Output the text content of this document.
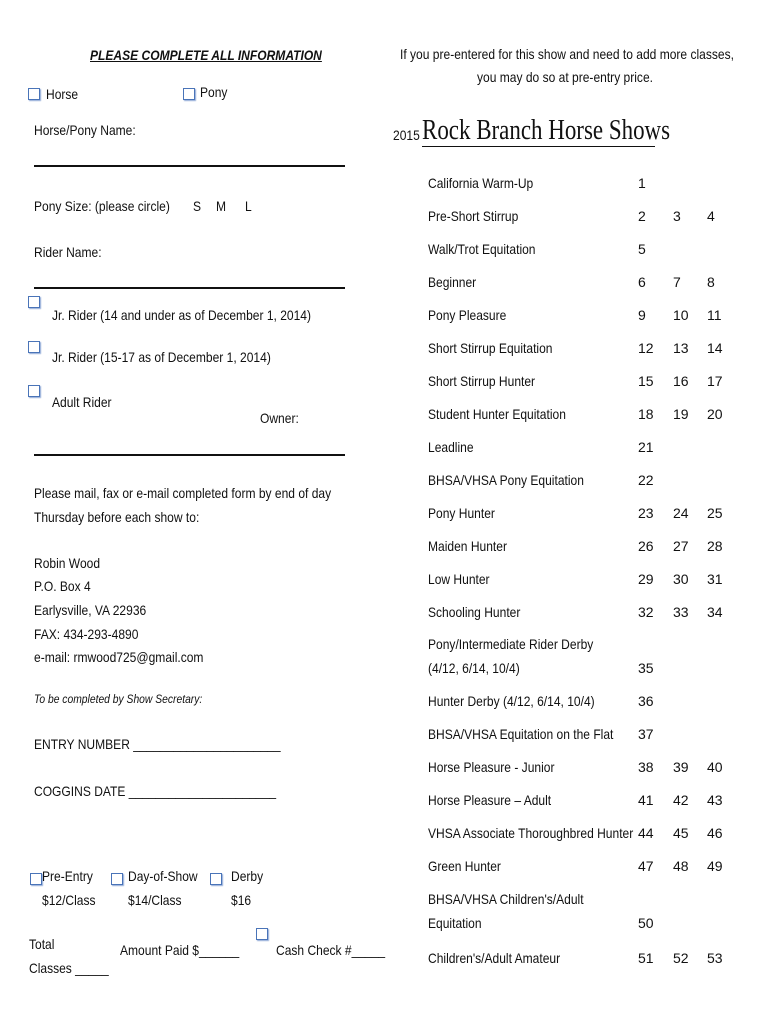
PLEASE COMPLETE ALL INFORMATION
Horse	Pony
Horse/Pony Name:
Pony Size: (please circle) S M L
Rider Name:
Jr. Rider (14 and under as of December 1, 2014)
Jr. Rider (15-17 as of December 1, 2014)
Adult Rider
Owner:
Please mail, fax or e-mail completed form by end of day
Thursday before each show to:
Robin Wood
P.O. Box 4
Earlysville, VA 22936
FAX: 434-293-4890
e-mail: rmwood725@gmail.com
To be completed by Show Secretary:
ENTRY NUMBER ______________________
COGGINS DATE ______________________
Pre-Entry
$12/Class
Day-of-Show
$14/Class
Derby
$16
Total
Classes _____
Amount Paid $______	Cash Check #_____
If you pre-entered for this show and need to add more classes,
you may do so at pre-entry price.
2015 Rock Branch Horse Shows
California Warm-Up	1
Pre-Short Stirrup	2	3	4
Walk/Trot Equitation	5
Beginner	6	7	8
Pony Pleasure	9	10	11
Short Stirrup Equitation	12	13	14
Short Stirrup Hunter	15	16	17
Student Hunter Equitation	18	19	20
Leadline	21
BHSA/VHSA Pony Equitation	22
Pony Hunter	23	24	25
Maiden Hunter	26	27	28
Low Hunter	29	30	31
Schooling Hunter	32	33	34
Pony/Intermediate Rider Derby
(4/12, 6/14, 10/4)	35
Hunter Derby (4/12, 6/14, 10/4)	36
BHSA/VHSA Equitation on the Flat 37
Horse Pleasure - Junior	38	39	40
Horse Pleasure – Adult	41	42	43
VHSA Associate Thoroughbred Hunter 44	45	46
Green Hunter	47	48	49
BHSA/VHSA Children's/Adult
Equitation	50
Children's/Adult Amateur	51	52	53
